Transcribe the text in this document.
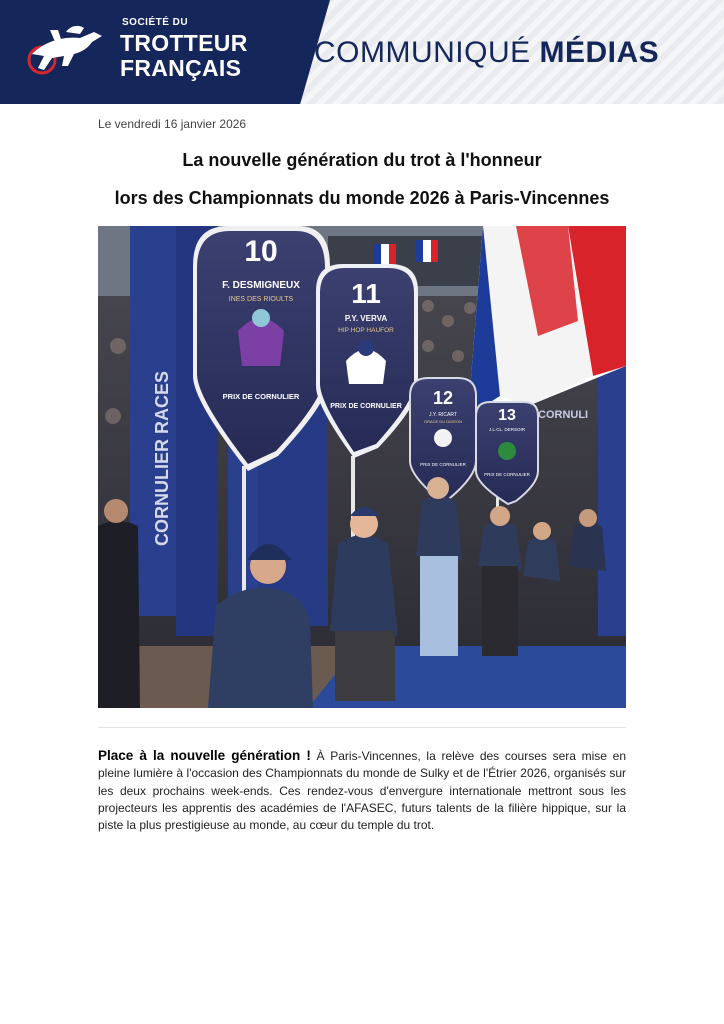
SOCIÉTÉ DU
TROTTEUR
FRANÇAIS COMMUNIQUÉ MÉDIAS
Le vendredi 16 janvier 2026
La nouvelle génération du trot à l'honneur
lors des Championnats du monde 2026 à Paris-Vincennes
CORNULIER RACES	CORNULI
10
F. DESMIGNEUX
INES DES RIOULTS
PRIX DE CORNULIER
11
P.Y. VERVA
HIP HOP HAUFOR
PRIX DE CORNULIER 12
J.Y. RICART
GRACE DU DIGEON
PRIX DE CORNULIER
13
J.L.CL. DERSOIR
PRIX DE CORNULIER
Place à la nouvelle génération ! À Paris-Vincennes, la relève des courses sera mise en pleine lumière à l'occasion des Championnats du monde de Sulky et de l'Étrier 2026, organisés sur les deux prochains week-ends. Ces rendez-vous d'envergure internationale mettront sous les projecteurs les apprentis des académies de l'AFASEC, futurs talents de la filière hippique, sur la piste la plus prestigieuse au monde, au cœur du temple du trot.
